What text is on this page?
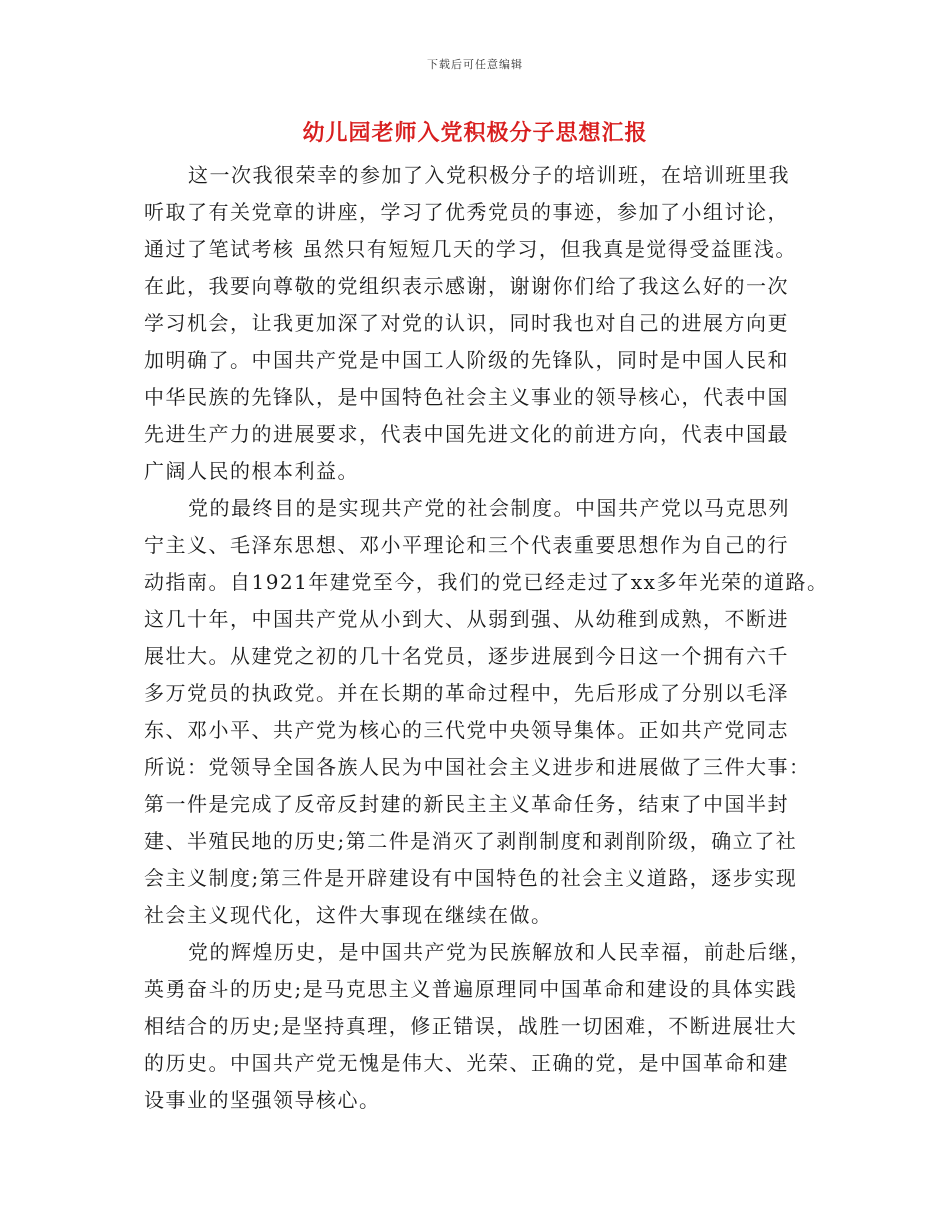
下载后可任意编辑
幼儿园老师入党积极分子思想汇报
这一次我很荣幸的参加了入党积极分子的培训班，在培训班里我
听取了有关党章的讲座，学习了优秀党员的事迹，参加了小组讨论，
通过了笔试考核 虽然只有短短几天的学习，但我真是觉得受益匪浅。
在此，我要向尊敬的党组织表示感谢，谢谢你们给了我这么好的一次
学习机会，让我更加深了对党的认识，同时我也对自己的进展方向更
加明确了。中国共产党是中国工人阶级的先锋队，同时是中国人民和
中华民族的先锋队，是中国特色社会主义事业的领导核心，代表中国
先进生产力的进展要求，代表中国先进文化的前进方向，代表中国最
广阔人民的根本利益。
党的最终目的是实现共产党的社会制度。中国共产党以马克思列
宁主义、毛泽东思想、邓小平理论和三个代表重要思想作为自己的行
动指南。自1921年建党至今，我们的党已经走过了xx多年光荣的道路。
这几十年，中国共产党从小到大、从弱到强、从幼稚到成熟，不断进
展壮大。从建党之初的几十名党员，逐步进展到今日这一个拥有六千
多万党员的执政党。并在长期的革命过程中，先后形成了分别以毛泽
东、邓小平、共产党为核心的三代党中央领导集体。正如共产党同志
所说：党领导全国各族人民为中国社会主义进步和进展做了三件大事：
第一件是完成了反帝反封建的新民主主义革命任务，结束了中国半封
建、半殖民地的历史;第二件是消灭了剥削制度和剥削阶级，确立了社
会主义制度;第三件是开辟建设有中国特色的社会主义道路，逐步实现
社会主义现代化，这件大事现在继续在做。
党的辉煌历史，是中国共产党为民族解放和人民幸福，前赴后继，
英勇奋斗的历史;是马克思主义普遍原理同中国革命和建设的具体实践
相结合的历史;是坚持真理，修正错误，战胜一切困难，不断进展壮大
的历史。中国共产党无愧是伟大、光荣、正确的党，是中国革命和建
设事业的坚强领导核心。
